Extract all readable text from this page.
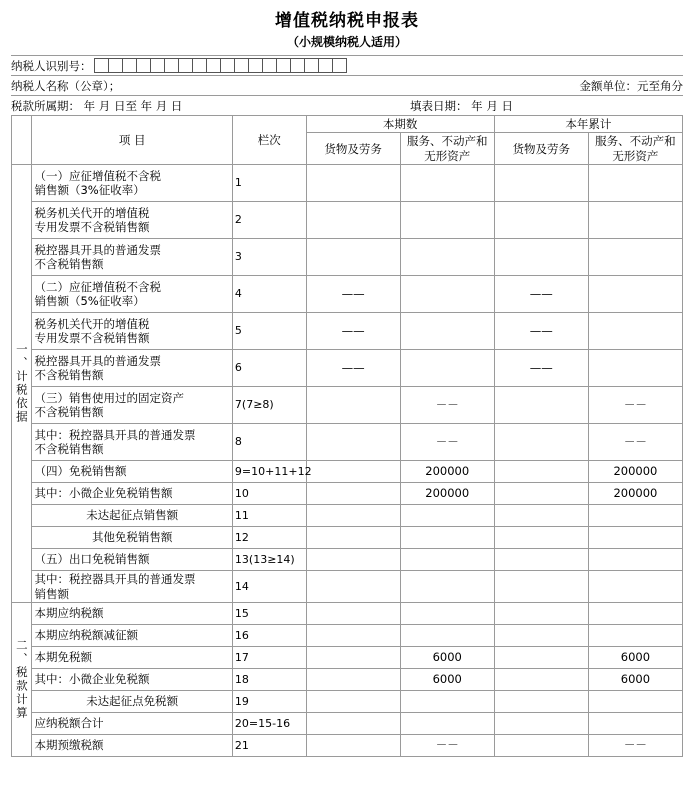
增值税纳税申报表
（小规模纳税人适用）
纳税人识别号：
纳税人名称（公章）；	金额单位：元至角分
税款所属期： 年 月 日至 年 月 日	填表日期： 年 月 日
	项 目	栏次	本期数		本年累计	
			货物及劳务	服务、不动产和无形资产	货物及劳务	服务、不动产和无形资产

一、计税依据	（一）应征增值税不含税
销售额（3%征收率）	1				
	税务机关代开的增值税
专用发票不含税销售额	2				
	税控器具开具的普通发票
不含税销售额	3				
	（二）应征增值税不含税
销售额（5%征收率）	4	——		——	
	税务机关代开的增值税
专用发票不含税销售额	5	——		——	
	税控器具开具的普通发票
不含税销售额	6	——		——	
	（三）销售使用过的固定资产
不含税销售额	7(7≥8)		－－		－－
	其中：税控器具开具的普通发票
不含税销售额	8		－－		－－
	（四）免税销售额	9=10+11+12		200000		200000
	其中：小微企业免税销售额	10		200000		200000
	未达起征点销售额	11				
	其他免税销售额	12				
	（五）出口免税销售额	13(13≥14)				
	其中：税控器具开具的普通发票
销售额	14				

二、税款计算	本期应纳税额	15				
	本期应纳税额减征额	16				
	本期免税额	17		6000		6000
	其中：小微企业免税额	18		6000		6000
	未达起征点免税额	19				
	应纳税额合计	20=15-16				
	本期预缴税额	21		－－		－－
